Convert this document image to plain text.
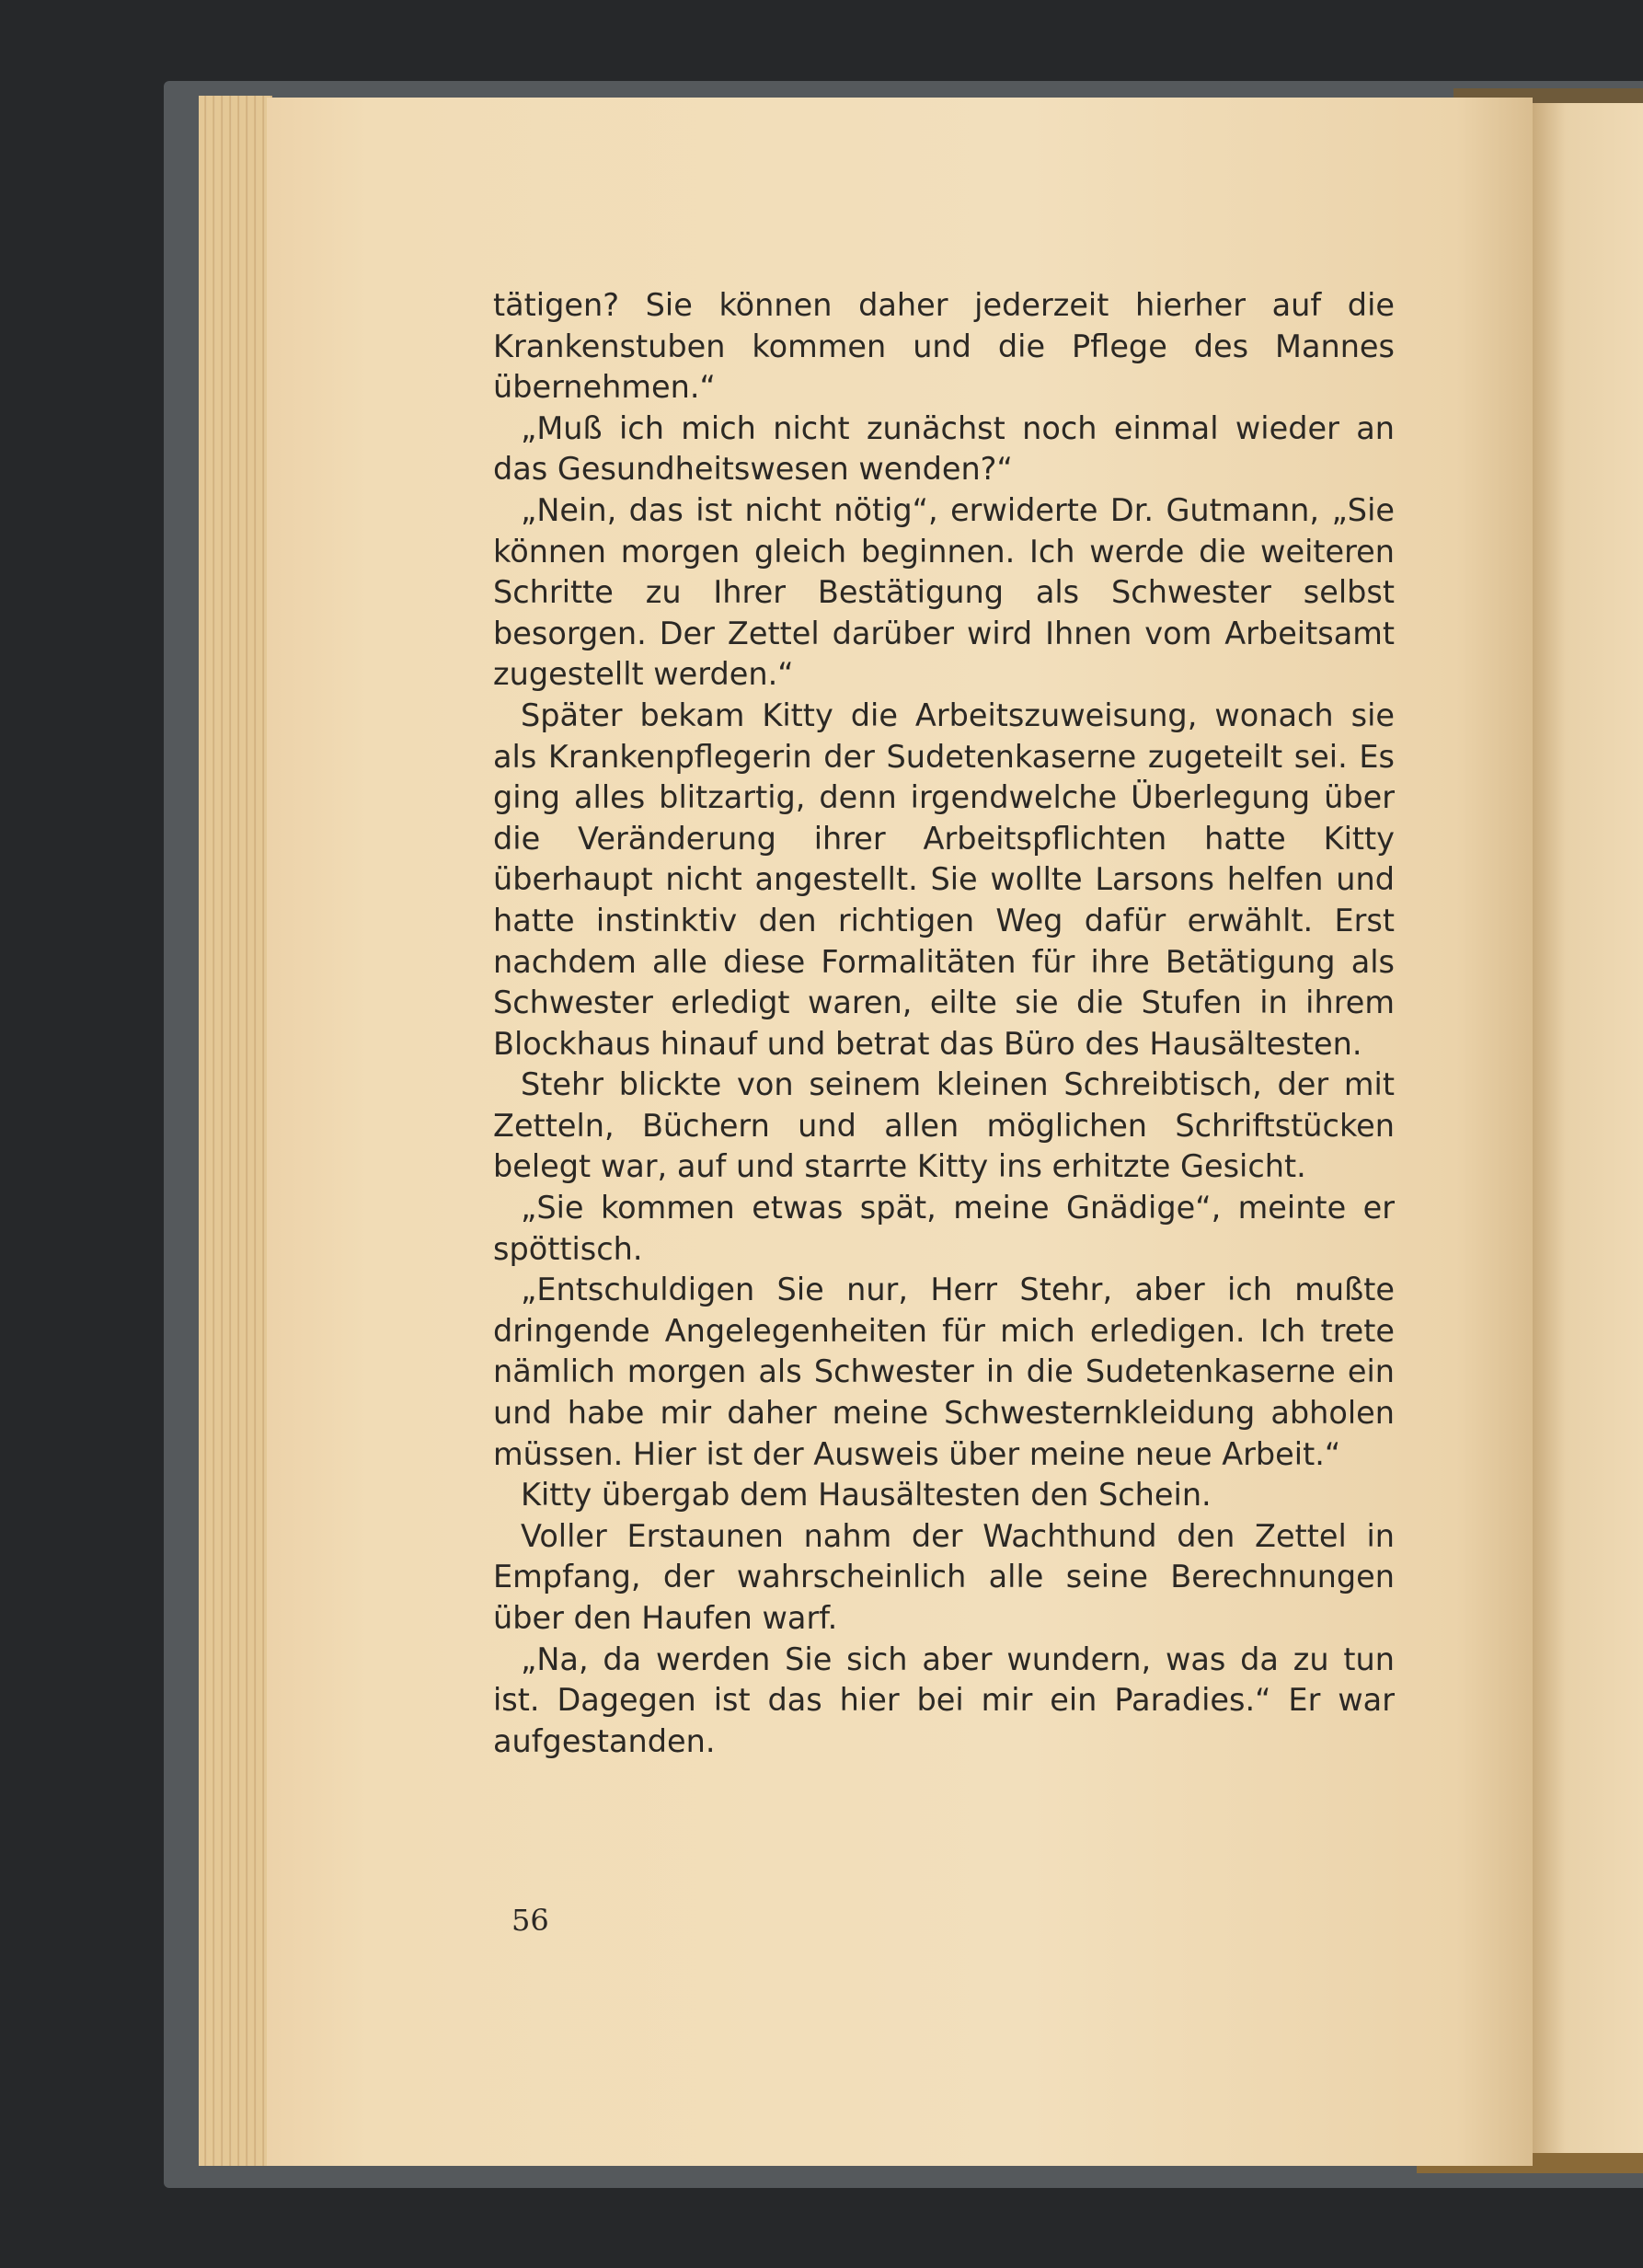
tätigen? Sie können daher jederzeit hierher auf die Krankenstuben kommen und die Pflege des Mannes übernehmen.“

„Muß ich mich nicht zunächst noch einmal wieder an das Gesundheitswesen wenden?“

„Nein, das ist nicht nötig“, erwiderte Dr. Gutmann, „Sie können morgen gleich beginnen. Ich werde die weiteren Schritte zu Ihrer Bestätigung als Schwester selbst besorgen. Der Zettel darüber wird Ihnen vom Arbeitsamt zugestellt werden.“

Später bekam Kitty die Arbeitszuweisung, wonach sie als Krankenpflegerin der Sudetenkaserne zugeteilt sei. Es ging alles blitzartig, denn irgendwelche Überlegung über die Veränderung ihrer Arbeitspflichten hatte Kitty überhaupt nicht angestellt. Sie wollte Larsons helfen und hatte instinktiv den richtigen Weg dafür erwählt. Erst nachdem alle diese Formalitäten für ihre Betätigung als Schwester erledigt waren, eilte sie die Stufen in ihrem Blockhaus hinauf und betrat das Büro des Hausältesten.

Stehr blickte von seinem kleinen Schreibtisch, der mit Zetteln, Büchern und allen möglichen Schriftstücken belegt war, auf und starrte Kitty ins erhitzte Gesicht.

„Sie kommen etwas spät, meine Gnädige“, meinte er spöttisch.

„Entschuldigen Sie nur, Herr Stehr, aber ich mußte dringende Angelegenheiten für mich erledigen. Ich trete nämlich morgen als Schwester in die Sudetenkaserne ein und habe mir daher meine Schwesternkleidung abholen müssen. Hier ist der Ausweis über meine neue Arbeit.“

Kitty übergab dem Hausältesten den Schein.

Voller Erstaunen nahm der Wachthund den Zettel in Empfang, der wahrscheinlich alle seine Berechnungen über den Haufen warf.

„Na, da werden Sie sich aber wundern, was da zu tun ist. Dagegen ist das hier bei mir ein Paradies.“ Er war aufgestanden.

56
